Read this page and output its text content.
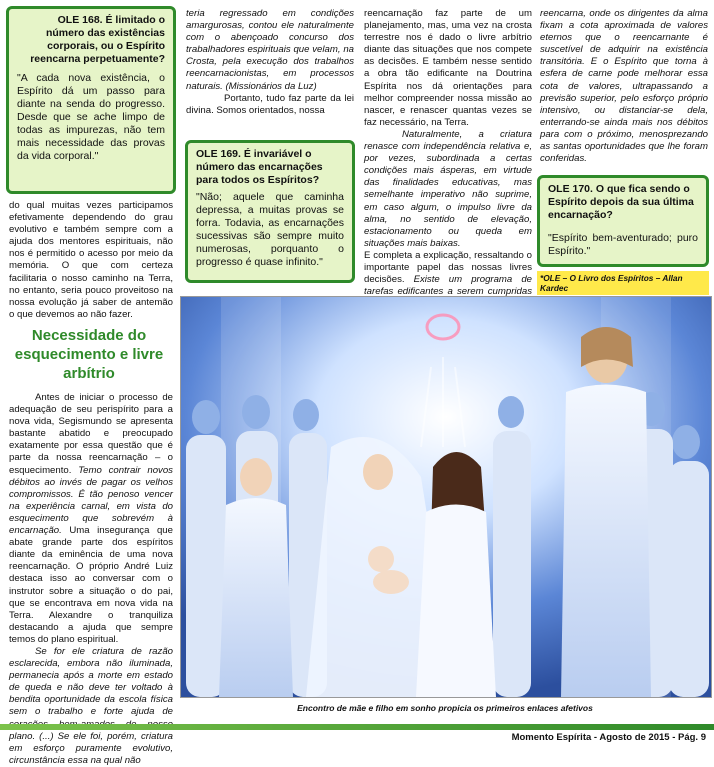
OLE 168. É limitado o número das existências corporais, ou o Espírito reencarna perpetuamente?

"A cada nova existência, o Espírito dá um passo para diante na senda do progresso. Desde que se ache limpo de todas as impurezas, não tem mais necessidade das provas da vida corporal."

do qual muitas vezes participamos efetivamente dependendo do grau evolutivo e também sempre com a ajuda dos mentores espirituais, não nos é permitido o acesso por meio da memória. O que com certeza facilitaria o nosso caminho na Terra, no entanto, seria pouco proveitoso na nossa evolução já saber de antemão o que devemos ao não fazer.

Necessidade do esquecimento e livre arbítrio

Antes de iniciar o processo de adequação de seu perispírito para a nova vida, Segismundo se apresenta bastante abatido e preocupado exatamente por essa questão que é parte da nossa reencarnação – o esquecimento. Temo contrair novos débitos ao invés de pagar os velhos compromissos. É tão penoso vencer na experiência carnal, em vista do esquecimento que sobrevém à encarnação. Uma insegurança que abate grande parte dos espíritos diante da eminência de uma nova reencarnação. O próprio André Luiz destaca isso ao conversar com o instrutor sobre a situação o do pai, que se encontrava em nova vida na Terra. Alexandre o tranquiliza destacando a ajuda que sempre temos do plano espiritual.

Se for ele criatura de razão esclarecida, embora não iluminada, permanecia após a morte em estado de queda e não deve ter voltado à bendita oportunidade da escola física sem o trabalho e forte ajuda de plano. (...) Se ele foi, porém, criatura em esforço puramente evolutivo, circunstância essa na qual não

teria regressado em condições amargurosas, contou ele naturalmente com o abençoado concurso dos trabalhadores espirituais que velam, na Crosta, pela execução dos trabalhos reencarnacionistas, em processos naturais. (Missionários da Luz)

Portanto, tudo faz parte da lei divina. Somos orientados, nossa

OLE 169. É invariável o número das encarnações para todos os Espíritos?

"Não; aquele que caminha depressa, a muitas provas se forra. Todavia, as encarnações sucessivas são sempre muito numerosas, porquanto o progresso é quase infinito."

reencarnação faz parte de um planejamento, mas, uma vez na crosta terrestre nos é dado o livre arbítrio diante das situações que nos compete as decisões. E também nesse sentido a obra tão edificante na Doutrina Espírita nos dá orientações para melhor compreender nossa missão ao nascer, e renascer quantas vezes se faz necessário, na Terra.

Naturalmente, a criatura renasce com independência relativa e, por vezes, subordinada a certas condições mais ásperas, em virtude das finalidades educativas, mas semelhante imperativo não suprime, em caso algum, o impulso livre da alma, no sentido de elevação, estacionamento ou queda em situações mais baixas.

E completa a explicação, ressaltando o importante papel das nossas livres decisões. Existe um programa de tarefas edificantes a serem cumpridas

reencarna, onde os dirigentes da alma fixam a cota aproximada de valores eternos que o reencarnante é suscetível de adquirir na existência transitória. E o Espírito que torna à esfera de carne pode melhorar essa cota de valores, ultrapassando a previsão superior, pelo esforço próprio intensivo, ou distanciar-se dela, enterrando-se ainda mais nos débitos para com o próximo, menosprezando as santas oportunidades que lhe foram conferidas.

OLE 170. O que fica sendo o Espírito depois da sua última encarnação?

"Espírito bem-aventurado; puro Espírito."

*OLE – O Livro dos Espíritos – Allan Kardec

Encontro de mãe e filho em sonho propicia os primeiros enlaces afetivos

Momento Espírita - Agosto de 2015 - Pág. 9
